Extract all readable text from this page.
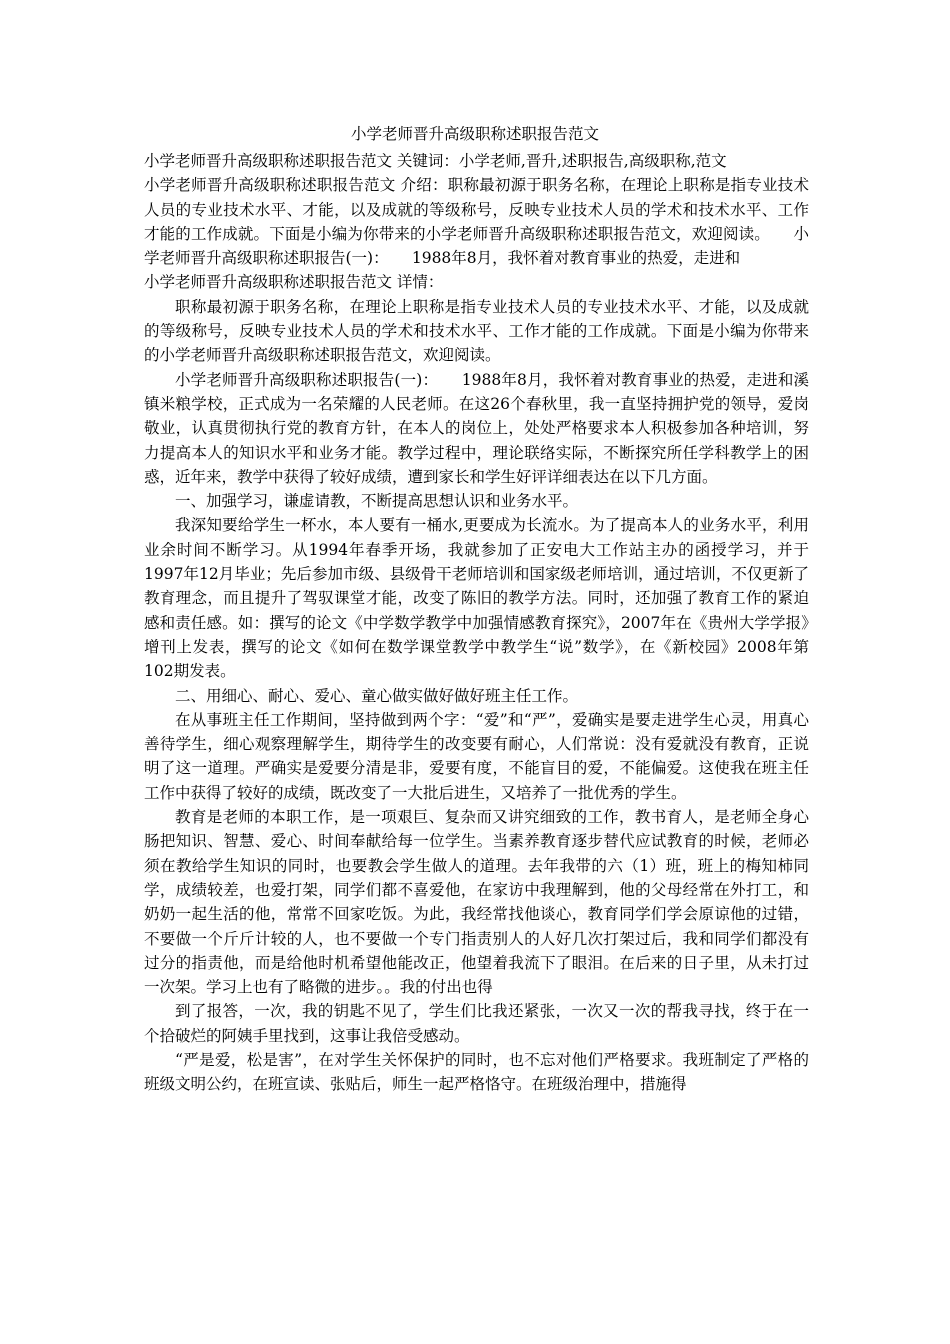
小学老师晋升高级职称述职报告范文

小学老师晋升高级职称述职报告范文 关键词：小学老师,晋升,述职报告,高级职称,范文

小学老师晋升高级职称述职报告范文 介绍：职称最初源于职务名称，在理论上职称是指专业技术人员的专业技术水平、才能，以及成就的等级称号，反映专业技术人员的学术和技术水平、工作才能的工作成就。下面是小编为你带来的小学老师晋升高级职称述职报告范文，欢迎阅读。　　小学老师晋升高级职称述职报告(一)：　　1988年8月，我怀着对教育事业的热爱，走进和

小学老师晋升高级职称述职报告范文 详情：

职称最初源于职务名称，在理论上职称是指专业技术人员的专业技术水平、才能，以及成就的等级称号，反映专业技术人员的学术和技术水平、工作才能的工作成就。下面是小编为你带来的小学老师晋升高级职称述职报告范文，欢迎阅读。

小学老师晋升高级职称述职报告(一)：　　1988年8月，我怀着对教育事业的热爱，走进和溪镇米粮学校，正式成为一名荣耀的人民老师。在这26个春秋里，我一直坚持拥护党的领导，爱岗敬业，认真贯彻执行党的教育方针，在本人的岗位上，处处严格要求本人积极参加各种培训，努力提高本人的知识水平和业务才能。教学过程中，理论联络实际，不断探究所任学科教学上的困惑，近年来，教学中获得了较好成绩，遭到家长和学生好评详细表达在以下几方面。

一、加强学习，谦虚请教，不断提高思想认识和业务水平。

我深知要给学生一杯水，本人要有一桶水,更要成为长流水。为了提高本人的业务水平，利用业余时间不断学习。从1994年春季开场，我就参加了正安电大工作站主办的函授学习，并于1997年12月毕业；先后参加市级、县级骨干老师培训和国家级老师培训，通过培训，不仅更新了教育理念，而且提升了驾驭课堂才能，改变了陈旧的教学方法。同时，还加强了教育工作的紧迫感和责任感。如：撰写的论文《中学数学教学中加强情感教育探究》，2007年在《贵州大学学报》增刊上发表，撰写的论文《如何在数学课堂教学中教学生“说”数学》，在《新校园》2008年第102期发表。

二、用细心、耐心、爱心、童心做实做好做好班主任工作。

在从事班主任工作期间，坚持做到两个字：“爱”和“严”，爱确实是要走进学生心灵，用真心善待学生，细心观察理解学生，期待学生的改变要有耐心，人们常说：没有爱就没有教育，正说明了这一道理。严确实是爱要分清是非，爱要有度，不能盲目的爱，不能偏爱。这使我在班主任工作中获得了较好的成绩，既改变了一大批后进生，又培养了一批优秀的学生。

教育是老师的本职工作，是一项艰巨、复杂而又讲究细致的工作，教书育人，是老师全身心肠把知识、智慧、爱心、时间奉献给每一位学生。当素养教育逐步替代应试教育的时候，老师必须在教给学生知识的同时，也要教会学生做人的道理。去年我带的六（1）班，班上的梅知柿同学，成绩较差，也爱打架，同学们都不喜爱他，在家访中我理解到，他的父母经常在外打工，和奶奶一起生活的他，常常不回家吃饭。为此，我经常找他谈心，教育同学们学会原谅他的过错，不要做一个斤斤计较的人，也不要做一个专门指责别人的人好几次打架过后，我和同学们都没有过分的指责他，而是给他时机希望他能改正，他望着我流下了眼泪。在后来的日子里，从未打过一次架。学习上也有了略微的进步。。我的付出也得

到了报答，一次，我的钥匙不见了，学生们比我还紧张，一次又一次的帮我寻找，终于在一个拾破烂的阿姨手里找到，这事让我倍受感动。

“严是爱，松是害”，在对学生关怀保护的同时，也不忘对他们严格要求。我班制定了严格的班级文明公约，在班宣读、张贴后，师生一起严格恪守。在班级治理中，措施得
